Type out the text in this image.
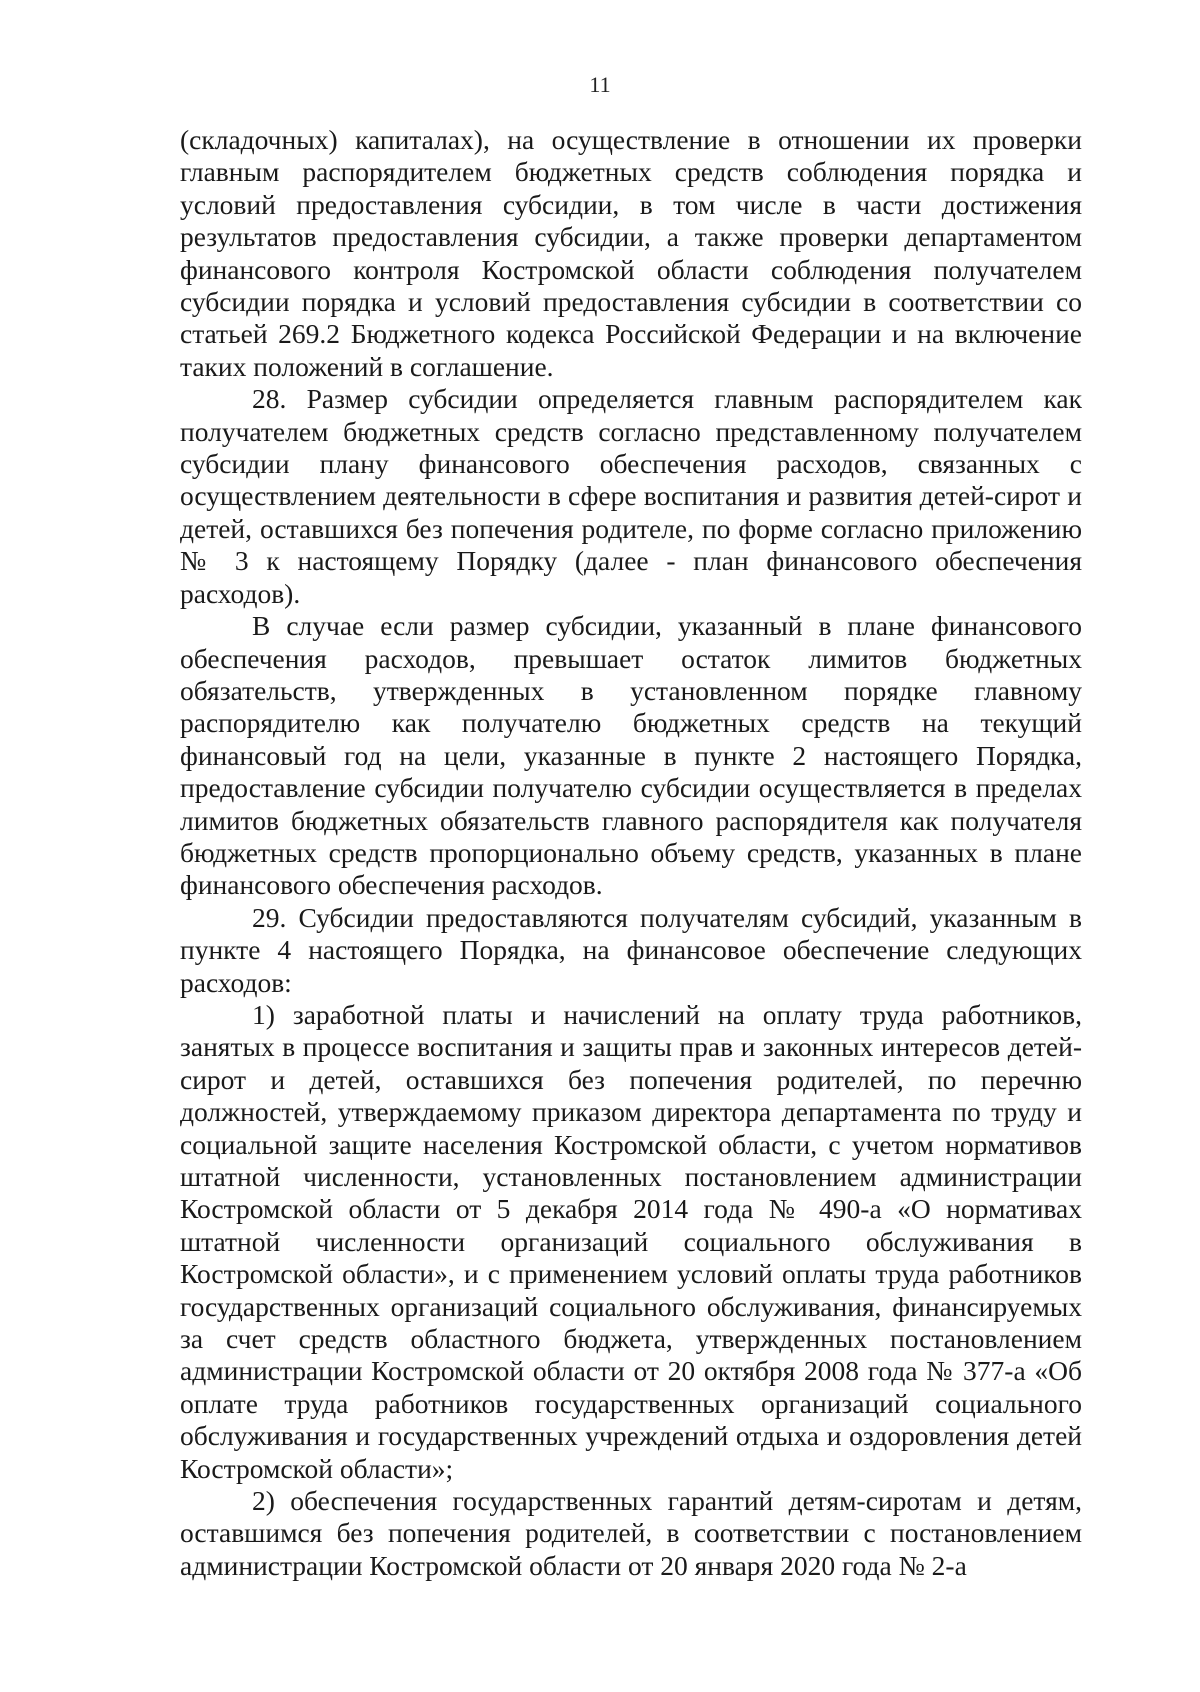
11

(складочных) капиталах), на осуществление в отношении их проверки главным распорядителем бюджетных средств соблюдения порядка и условий предоставления субсидии, в том числе в части достижения результатов предоставления субсидии, а также проверки департаментом финансового контроля Костромской области соблюдения получателем субсидии порядка и условий предоставления субсидии в соответствии со статьей 269.2 Бюджетного кодекса Российской Федерации и на включение таких положений в соглашение.

28. Размер субсидии определяется главным распорядителем как получателем бюджетных средств согласно представленному получателем субсидии плану финансового обеспечения расходов, связанных с осуществлением деятельности в сфере воспитания и развития детей-сирот и детей, оставшихся без попечения родителе, по форме согласно приложению № 3 к настоящему Порядку (далее - план финансового обеспечения расходов).

В случае если размер субсидии, указанный в плане финансового обеспечения расходов, превышает остаток лимитов бюджетных обязательств, утвержденных в установленном порядке главному распорядителю как получателю бюджетных средств на текущий финансовый год на цели, указанные в пункте 2 настоящего Порядка, предоставление субсидии получателю субсидии осуществляется в пределах лимитов бюджетных обязательств главного распорядителя как получателя бюджетных средств пропорционально объему средств, указанных в плане финансового обеспечения расходов.

29. Субсидии предоставляются получателям субсидий, указанным в пункте 4 настоящего Порядка, на финансовое обеспечение следующих расходов:

1) заработной платы и начислений на оплату труда работников, занятых в процессе воспитания и защиты прав и законных интересов детей-сирот и детей, оставшихся без попечения родителей, по перечню должностей, утверждаемому приказом директора департамента по труду и социальной защите населения Костромской области, с учетом нормативов штатной численности, установленных постановлением администрации Костромской области от 5 декабря 2014 года № 490-а «О нормативах штатной численности организаций социального обслуживания в Костромской области», и с применением условий оплаты труда работников государственных организаций социального обслуживания, финансируемых за счет средств областного бюджета, утвержденных постановлением администрации Костромской области от 20 октября 2008 года № 377-а «Об оплате труда работников государственных организаций социального обслуживания и государственных учреждений отдыха и оздоровления детей Костромской области»;

2) обеспечения государственных гарантий детям-сиротам и детям, оставшимся без попечения родителей, в соответствии с постановлением администрации Костромской области от 20 января 2020 года № 2-а
